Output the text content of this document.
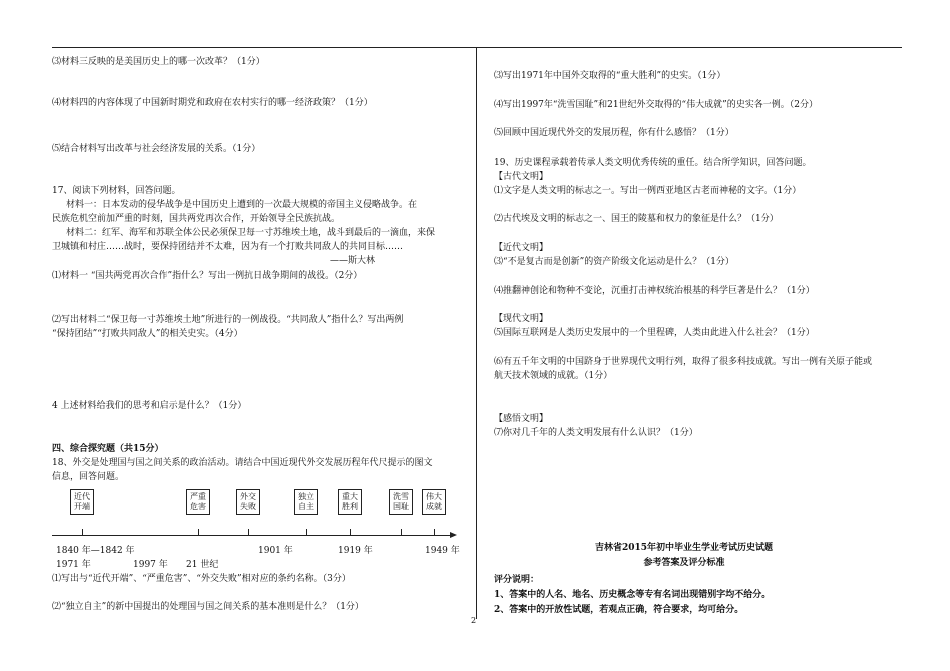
⑶材料三反映的是美国历史上的哪一次改革？（1分）
⑷材料四的内容体现了中国新时期党和政府在农村实行的哪一经济政策？（1分）
⑸结合材料写出改革与社会经济发展的关系。（1分）
17、阅读下列材料，回答问题。
材料一：日本发动的侵华战争是中国历史上遭到的一次最大规模的帝国主义侵略战争。在
民族危机空前加严重的时刻，国共两党再次合作，开始领导全民族抗战。
材料二：红军、海军和苏联全体公民必须保卫每一寸苏维埃土地，战斗到最后的一滴血，来保
卫城镇和村庄……战时，要保持团结并不太难，因为有一个打败共同敌人的共同目标……
——斯大林
⑴材料一 “国共两党再次合作”指什么？写出一例抗日战争期间的战役。（2分）
⑵写出材料二“保卫每一寸苏维埃土地”所进行的一例战役。“共同敌人”指什么？写出两例
“保持团结”“打败共同敌人”的相关史实。（4分）
4 上述材料给我们的思考和启示是什么？（1分）
四、综合探究题（共15分）
18、外交是处理国与国之间关系的政治活动。请结合中国近现代外交发展历程年代尺提示的图文
信息，回答问题。
近代
开端
严重
危害
外交
失败
独立
自主
重大
胜利
洗雪
国耻
伟大
成就
1840 年—1842 年	1901 年	1919 年	1949 年
1971 年	1997 年 21 世纪
⑴写出与“近代开端”、“严重危害”、“外交失败”相对应的条约名称。（3分）
⑵“独立自主”的新中国提出的处理国与国之间关系的基本准则是什么？（1分）
⑶写出1971年中国外交取得的“重大胜利”的史实。（1分）
⑷写出1997年“洗雪国耻”和21世纪外交取得的“伟大成就”的史实各一例。（2分）
⑸回顾中国近现代外交的发展历程，你有什么感悟？（1分）
19、历史课程承载着传承人类文明优秀传统的重任。结合所学知识，回答问题。
【古代文明】
⑴文字是人类文明的标志之一。写出一例西亚地区古老而神秘的文字。（1分）
⑵古代埃及文明的标志之一、国王的陵墓和权力的象征是什么？（1分）
【近代文明】
⑶“不是复古而是创新”的资产阶级文化运动是什么？（1分）
⑷推翻神创论和物种不变论，沉重打击神权统治根基的科学巨著是什么？（1分）
【现代文明】
⑸国际互联网是人类历史发展中的一个里程碑，人类由此进入什么社会？（1分）
⑹有五千年文明的中国跻身于世界现代文明行列，取得了很多科技成就。写出一例有关原子能或
航天技术领域的成就。（1分）
【感悟文明】
⑺你对几千年的人类文明发展有什么认识？（1分）
吉林省2015年初中毕业生学业考试历史试题
参考答案及评分标准
评分说明：
1、答案中的人名、地名、历史概念等专有名词出现错别字均不给分。
2、答案中的开放性试题，若观点正确，符合要求，均可给分。
2
